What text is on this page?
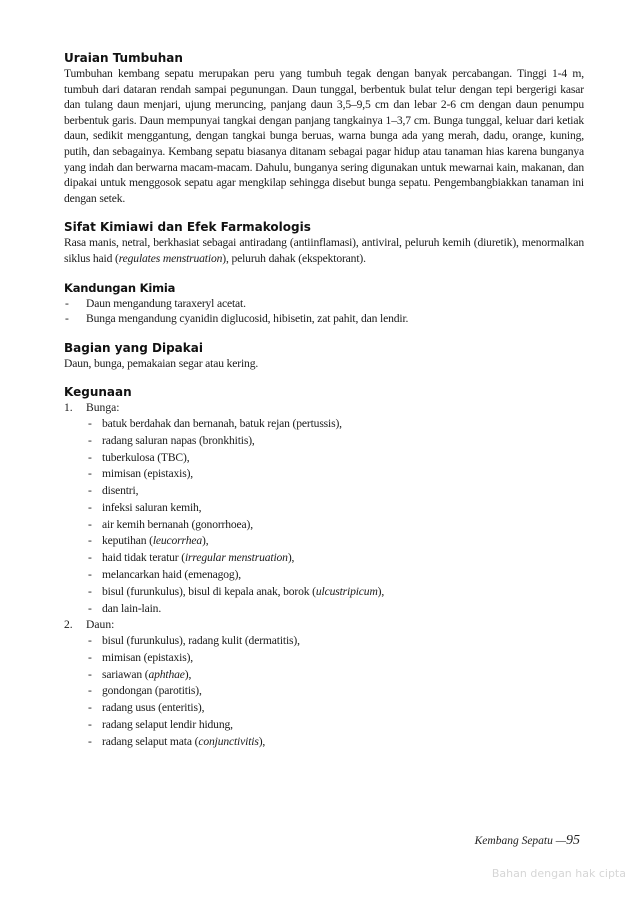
Uraian Tumbuhan

Tumbuhan kembang sepatu merupakan peru yang tumbuh tegak dengan banyak percabangan. Tinggi 1-4 m, tumbuh dari dataran rendah sampai pegunungan. Daun tunggal, berbentuk bulat telur dengan tepi bergerigi kasar dan tulang daun menjari, ujung meruncing, panjang daun 3,5–9,5 cm dan lebar 2-6 cm dengan daun penumpu berbentuk garis. Daun mempunyai tangkai dengan panjang tangkainya 1–3,7 cm. Bunga tunggal, keluar dari ketiak daun, sedikit menggantung, dengan tangkai bunga beruas, warna bunga ada yang merah, dadu, orange, kuning, putih, dan sebagainya. Kembang sepatu biasanya ditanam sebagai pagar hidup atau tanaman hias karena bunganya yang indah dan berwarna macam-macam. Dahulu, bunganya sering digunakan untuk mewarnai kain, makanan, dan dipakai untuk menggosok sepatu agar mengkilap sehingga disebut bunga sepatu. Pengembangbiakkan tanaman ini dengan setek.

Sifat Kimiawi dan Efek Farmakologis

Rasa manis, netral, berkhasiat sebagai antiradang (antiinflamasi), antiviral, peluruh kemih (diuretik), menormalkan siklus haid (regulates menstruation), peluruh dahak (ekspektorant).

Kandungan Kimia
- Daun mengandung taraxeryl acetat.
- Bunga mengandung cyanidin diglucosid, hibisetin, zat pahit, dan lendir.
Bagian yang Dipakai

Daun, bunga, pemakaian segar atau kering.

Kegunaan
1. Bunga:
- batuk berdahak dan bernanah, batuk rejan (pertussis),
- radang saluran napas (bronkhitis),
- tuberkulosa (TBC),
- mimisan (epistaxis),
- disentri,
- infeksi saluran kemih,
- air kemih bernanah (gonorrhoea),
- keputihan (leucorrhea),
- haid tidak teratur (irregular menstruation),
- melancarkan haid (emenagog),
- bisul (furunkulus), bisul di kepala anak, borok (ulcustripicum),
- dan lain-lain.
2. Daun:
- bisul (furunkulus), radang kulit (dermatitis),
- mimisan (epistaxis),
- sariawan (aphthae),
- gondongan (parotitis),
- radang usus (enteritis),
- radang selaput lendir hidung,
- radang selaput mata (conjunctivitis),
Kembang Sepatu —95
Bahan dengan hak cipta
